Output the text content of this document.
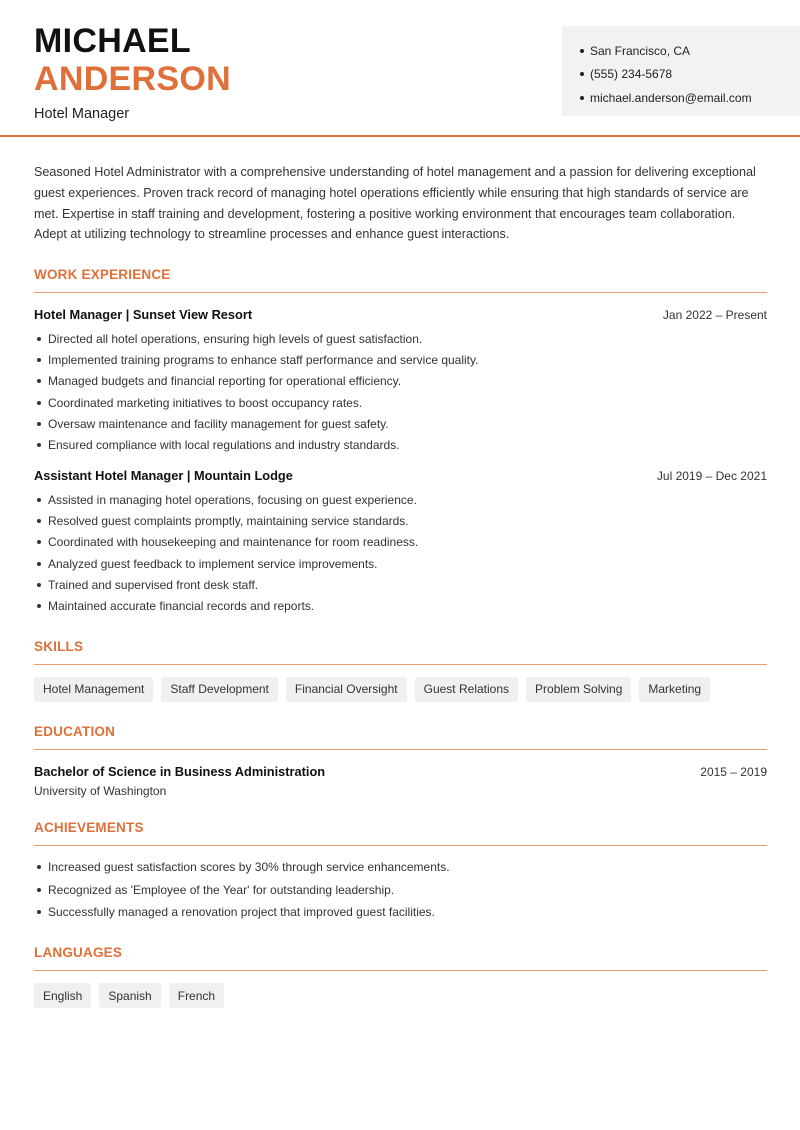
MICHAEL
ANDERSON
Hotel Manager
San Francisco, CA
(555) 234-5678
michael.anderson@email.com

Seasoned Hotel Administrator with a comprehensive understanding of hotel management and a passion for delivering exceptional guest experiences. Proven track record of managing hotel operations efficiently while ensuring that high standards of service are met. Expertise in staff training and development, fostering a positive working environment that encourages team collaboration. Adept at utilizing technology to streamline processes and enhance guest interactions.

WORK EXPERIENCE
Hotel Manager | Sunset View Resort	Jan 2022 – Present
Directed all hotel operations, ensuring high levels of guest satisfaction.
Implemented training programs to enhance staff performance and service quality.
Managed budgets and financial reporting for operational efficiency.
Coordinated marketing initiatives to boost occupancy rates.
Oversaw maintenance and facility management for guest safety.
Ensured compliance with local regulations and industry standards.
Assistant Hotel Manager | Mountain Lodge	Jul 2019 – Dec 2021
Assisted in managing hotel operations, focusing on guest experience.
Resolved guest complaints promptly, maintaining service standards.
Coordinated with housekeeping and maintenance for room readiness.
Analyzed guest feedback to implement service improvements.
Trained and supervised front desk staff.
Maintained accurate financial records and reports.
SKILLS
Hotel Management	Staff Development	Financial Oversight	Guest Relations	Problem Solving	Marketing
EDUCATION
Bachelor of Science in Business Administration	2015 – 2019
University of Washington
ACHIEVEMENTS
Increased guest satisfaction scores by 30% through service enhancements.
Recognized as 'Employee of the Year' for outstanding leadership.
Successfully managed a renovation project that improved guest facilities.
LANGUAGES
English	Spanish	French
